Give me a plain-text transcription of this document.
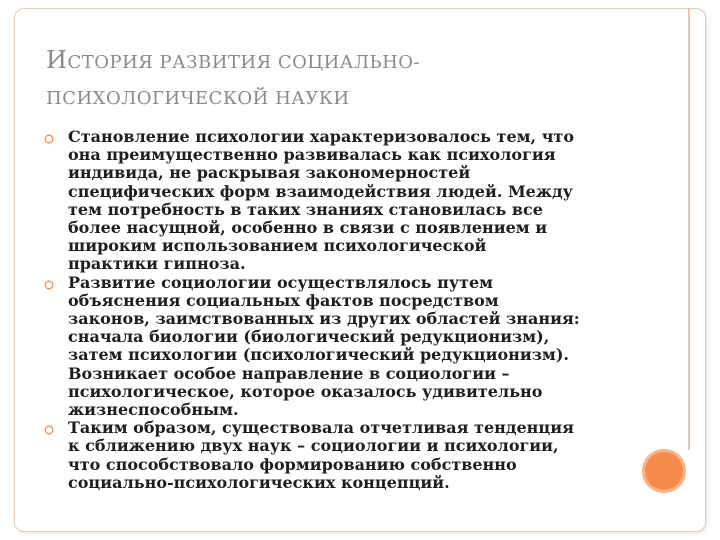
ИСТОРИЯ РАЗВИТИЯ СОЦИАЛЬНО-
ПСИХОЛОГИЧЕСКОЙ НАУКИ
Становление психологии характеризовалось тем, что
она преимущественно развивалась как психология
индивида, не раскрывая закономерностей
специфических форм взаимодействия людей. Между
тем потребность в таких знаниях становилась все
более насущной, особенно в связи с появлением и
широким использованием психологической
практики гипноза.
Развитие социологии осуществлялось путем
объяснения социальных фактов посредством
законов, заимствованных из других областей знания:
сначала биологии (биологический редукционизм),
затем психологии (психологический редукционизм).
Возникает особое направление в социологии –
психологическое, которое оказалось удивительно
жизнеспособным.
Таким образом, существовала отчетливая тенденция
к сближению двух наук – социологии и психологии,
что способствовало формированию собственно
социально-психологических концепций.
